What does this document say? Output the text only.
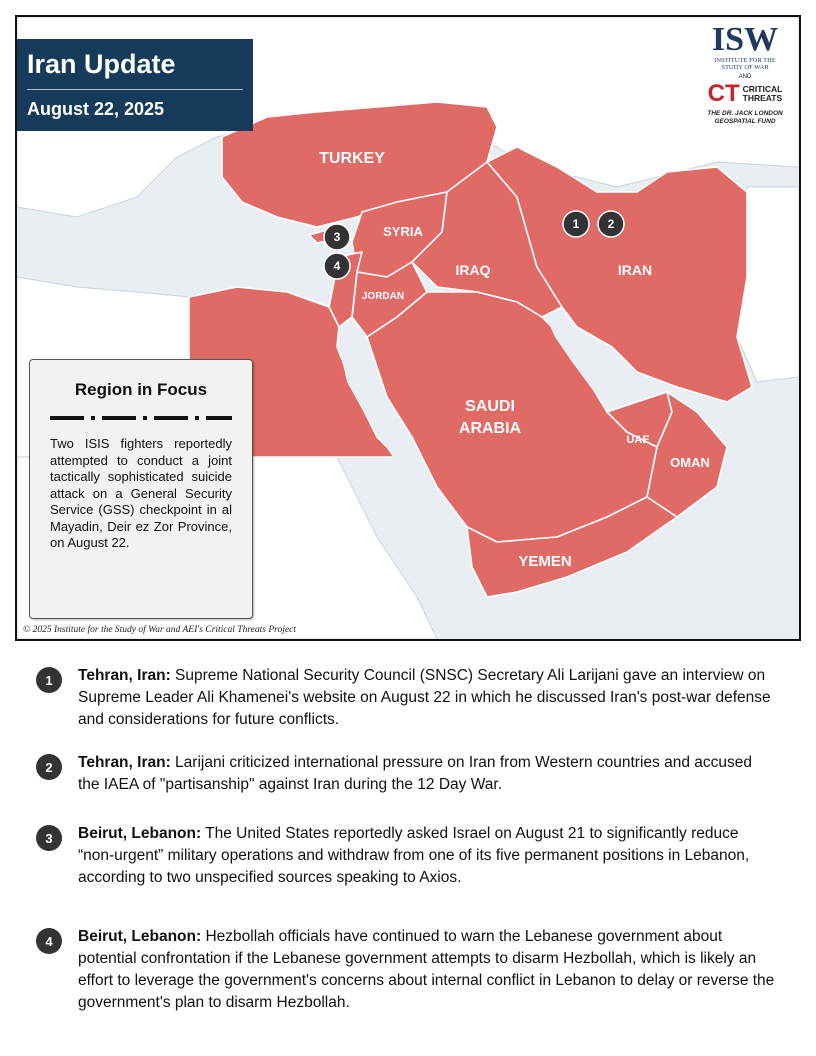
TURKEY
SYRIA
IRAQ	IRAN
JORDAN
SAUDI
ARABIA
UAE
OMAN
YEMEN
1 2
3
4
Iran Update
August 22, 2025
ISW
INSTITUTE FOR THE
STUDY OF WAR
AND
CT CRITICAL
THREATS
THE DR. JACK LONDON
GEOSPATIAL FUND
Region in Focus
Two ISIS fighters reportedly attempted to conduct a joint tactically sophisticated suicide attack on a General Security Service (GSS) checkpoint in al Mayadin, Deir ez Zor Province, on August 22.
© 2025 Institute for the Study of War and AEI's Critical Threats Project
1	Tehran, Iran: Supreme National Security Council (SNSC) Secretary Ali Larijani gave an interview on Supreme Leader Ali Khamenei's website on August 22 in which he discussed Iran's post-war defense and considerations for future conflicts.
2	Tehran, Iran: Larijani criticized international pressure on Iran from Western countries and accused the IAEA of "partisanship" against Iran during the 12 Day War.
3	Beirut, Lebanon: The United States reportedly asked Israel on August 21 to significantly reduce “non-urgent” military operations and withdraw from one of its five permanent positions in Lebanon, according to two unspecified sources speaking to Axios.
4	Beirut, Lebanon: Hezbollah officials have continued to warn the Lebanese government about potential confrontation if the Lebanese government attempts to disarm Hezbollah, which is likely an effort to leverage the government's concerns about internal conflict in Lebanon to delay or reverse the government's plan to disarm Hezbollah.
